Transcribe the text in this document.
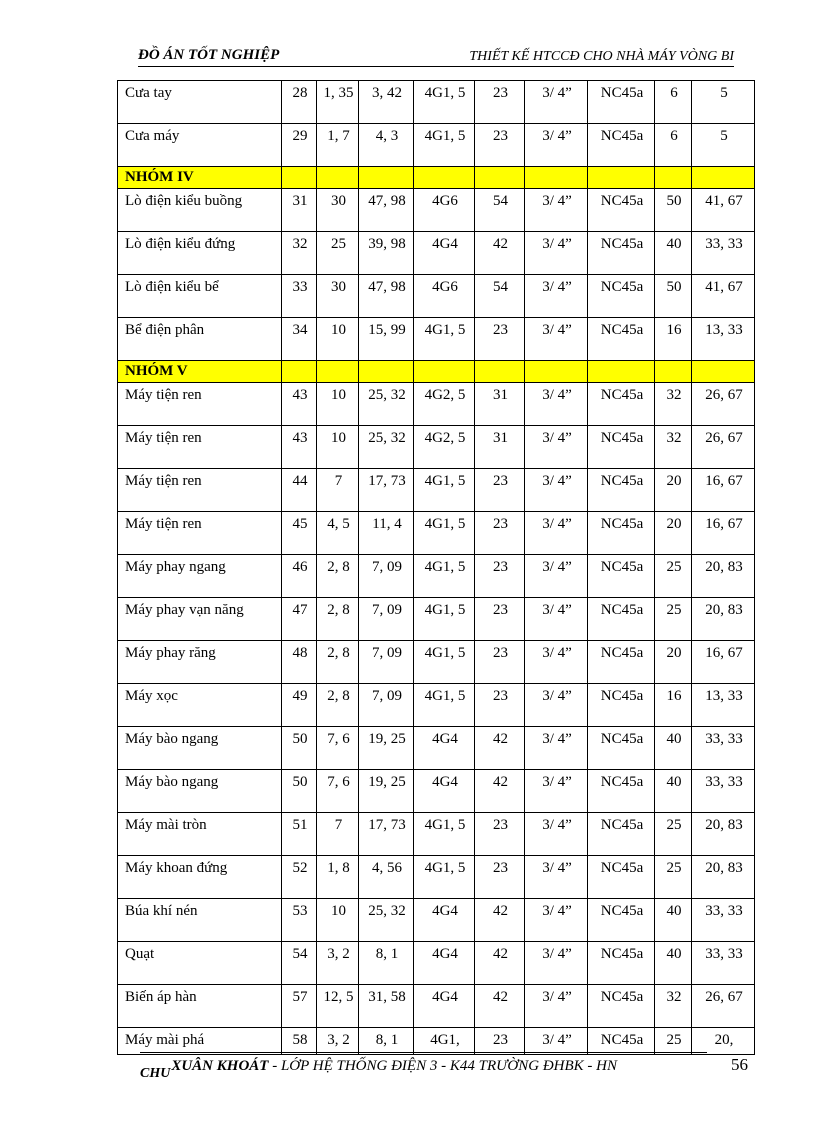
ĐỒ ÁN TỐT NGHIỆP	THIẾT KẾ HTCCĐ CHO NHÀ MÁY VÒNG BI
Cưa tay	28	1, 35	3, 42	4G1, 5	23	3/ 4”	NC45a	6	5

Cưa máy	29	1, 7	4, 3	4G1, 5	23	3/ 4”	NC45a	6	5

NHÓM IV									

Lò điện kiểu buồng	31	30	47, 98	4G6	54	3/ 4”	NC45a	50	41, 67

Lò điện kiểu đứng	32	25	39, 98	4G4	42	3/ 4”	NC45a	40	33, 33

Lò điện kiểu bể	33	30	47, 98	4G6	54	3/ 4”	NC45a	50	41, 67

Bể điện phân	34	10	15, 99	4G1, 5	23	3/ 4”	NC45a	16	13, 33

NHÓM V									

Máy tiện ren	43	10	25, 32	4G2, 5	31	3/ 4”	NC45a	32	26, 67

Máy tiện ren	43	10	25, 32	4G2, 5	31	3/ 4”	NC45a	32	26, 67

Máy tiện ren	44	7	17, 73	4G1, 5	23	3/ 4”	NC45a	20	16, 67

Máy tiện ren	45	4, 5	11, 4	4G1, 5	23	3/ 4”	NC45a	20	16, 67

Máy phay ngang	46	2, 8	7, 09	4G1, 5	23	3/ 4”	NC45a	25	20, 83

Máy phay vạn năng	47	2, 8	7, 09	4G1, 5	23	3/ 4”	NC45a	25	20, 83

Máy phay răng	48	2, 8	7, 09	4G1, 5	23	3/ 4”	NC45a	20	16, 67

Máy xọc	49	2, 8	7, 09	4G1, 5	23	3/ 4”	NC45a	16	13, 33

Máy bào ngang	50	7, 6	19, 25	4G4	42	3/ 4”	NC45a	40	33, 33

Máy bào ngang	50	7, 6	19, 25	4G4	42	3/ 4”	NC45a	40	33, 33

Máy mài tròn	51	7	17, 73	4G1, 5	23	3/ 4”	NC45a	25	20, 83

Máy khoan đứng	52	1, 8	4, 56	4G1, 5	23	3/ 4”	NC45a	25	20, 83

Búa khí nén	53	10	25, 32	4G4	42	3/ 4”	NC45a	40	33, 33

Quạt	54	3, 2	8, 1	4G4	42	3/ 4”	NC45a	40	33, 33

Biến áp hàn	57	12, 5	31, 58	4G4	42	3/ 4”	NC45a	32	26, 67

Máy mài phá	58	3, 2	8, 1	4G1,	23	3/ 4”	NC45a	25	20,
CHUXUÂN KHOÁT - LỚP HỆ THỐNG ĐIỆN 3 - K44 TRƯỜNG ĐHBK - HN	56
